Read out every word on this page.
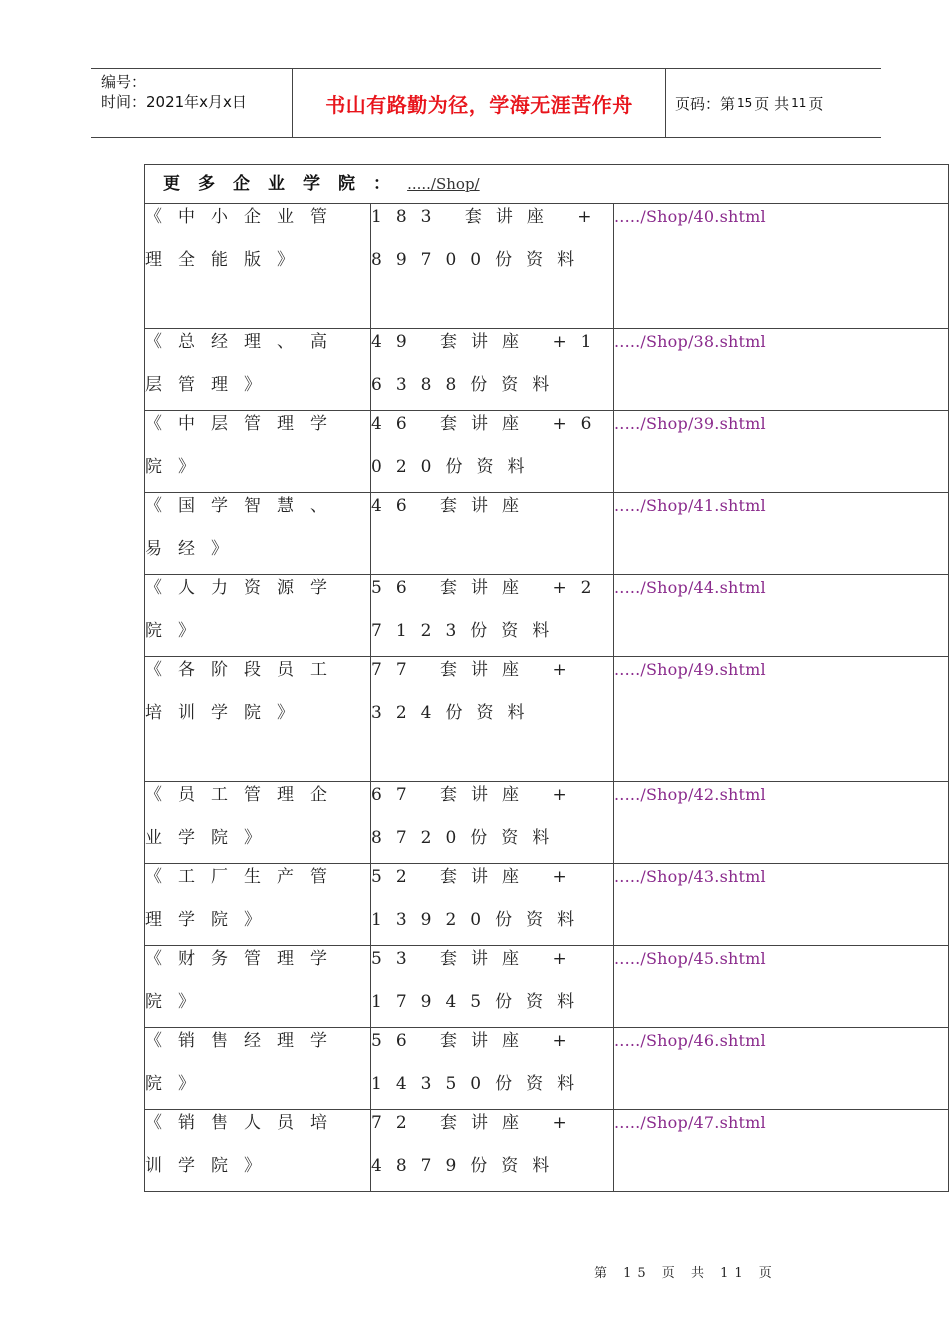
编号：
时间：2021年x月x日	书山有路勤为径，学海无涯苦作舟	页码：第 15 页 共 11 页
更多企业学院： ...../Shop/		

《中小企业管理全能版》	183 套讲座 +89700份资料	...../Shop/40.shtml

《总经理、高层管理》	49 套讲座 +16388份资料	...../Shop/38.shtml

《中层管理学院》	46 套讲座 +6020份资料	...../Shop/39.shtml

《国学智慧、易经》	46 套讲座	...../Shop/41.shtml

《人力资源学院》	56 套讲座 +27123份资料	...../Shop/44.shtml

《各阶段员工培训学院》	77 套讲座 + 324份资料	...../Shop/49.shtml

《员工管理企业学院》	67 套讲座 + 8720份资料	...../Shop/42.shtml

《工厂生产管理学院》	52 套讲座 + 13920份资料	...../Shop/43.shtml

《财务管理学院》	53 套讲座 + 17945份资料	...../Shop/45.shtml

《销售经理学院》	56 套讲座 + 14350份资料	...../Shop/46.shtml

《销售人员培训学院》	72 套讲座 + 4879份资料	...../Shop/47.shtml
第 15 页 共 11 页
